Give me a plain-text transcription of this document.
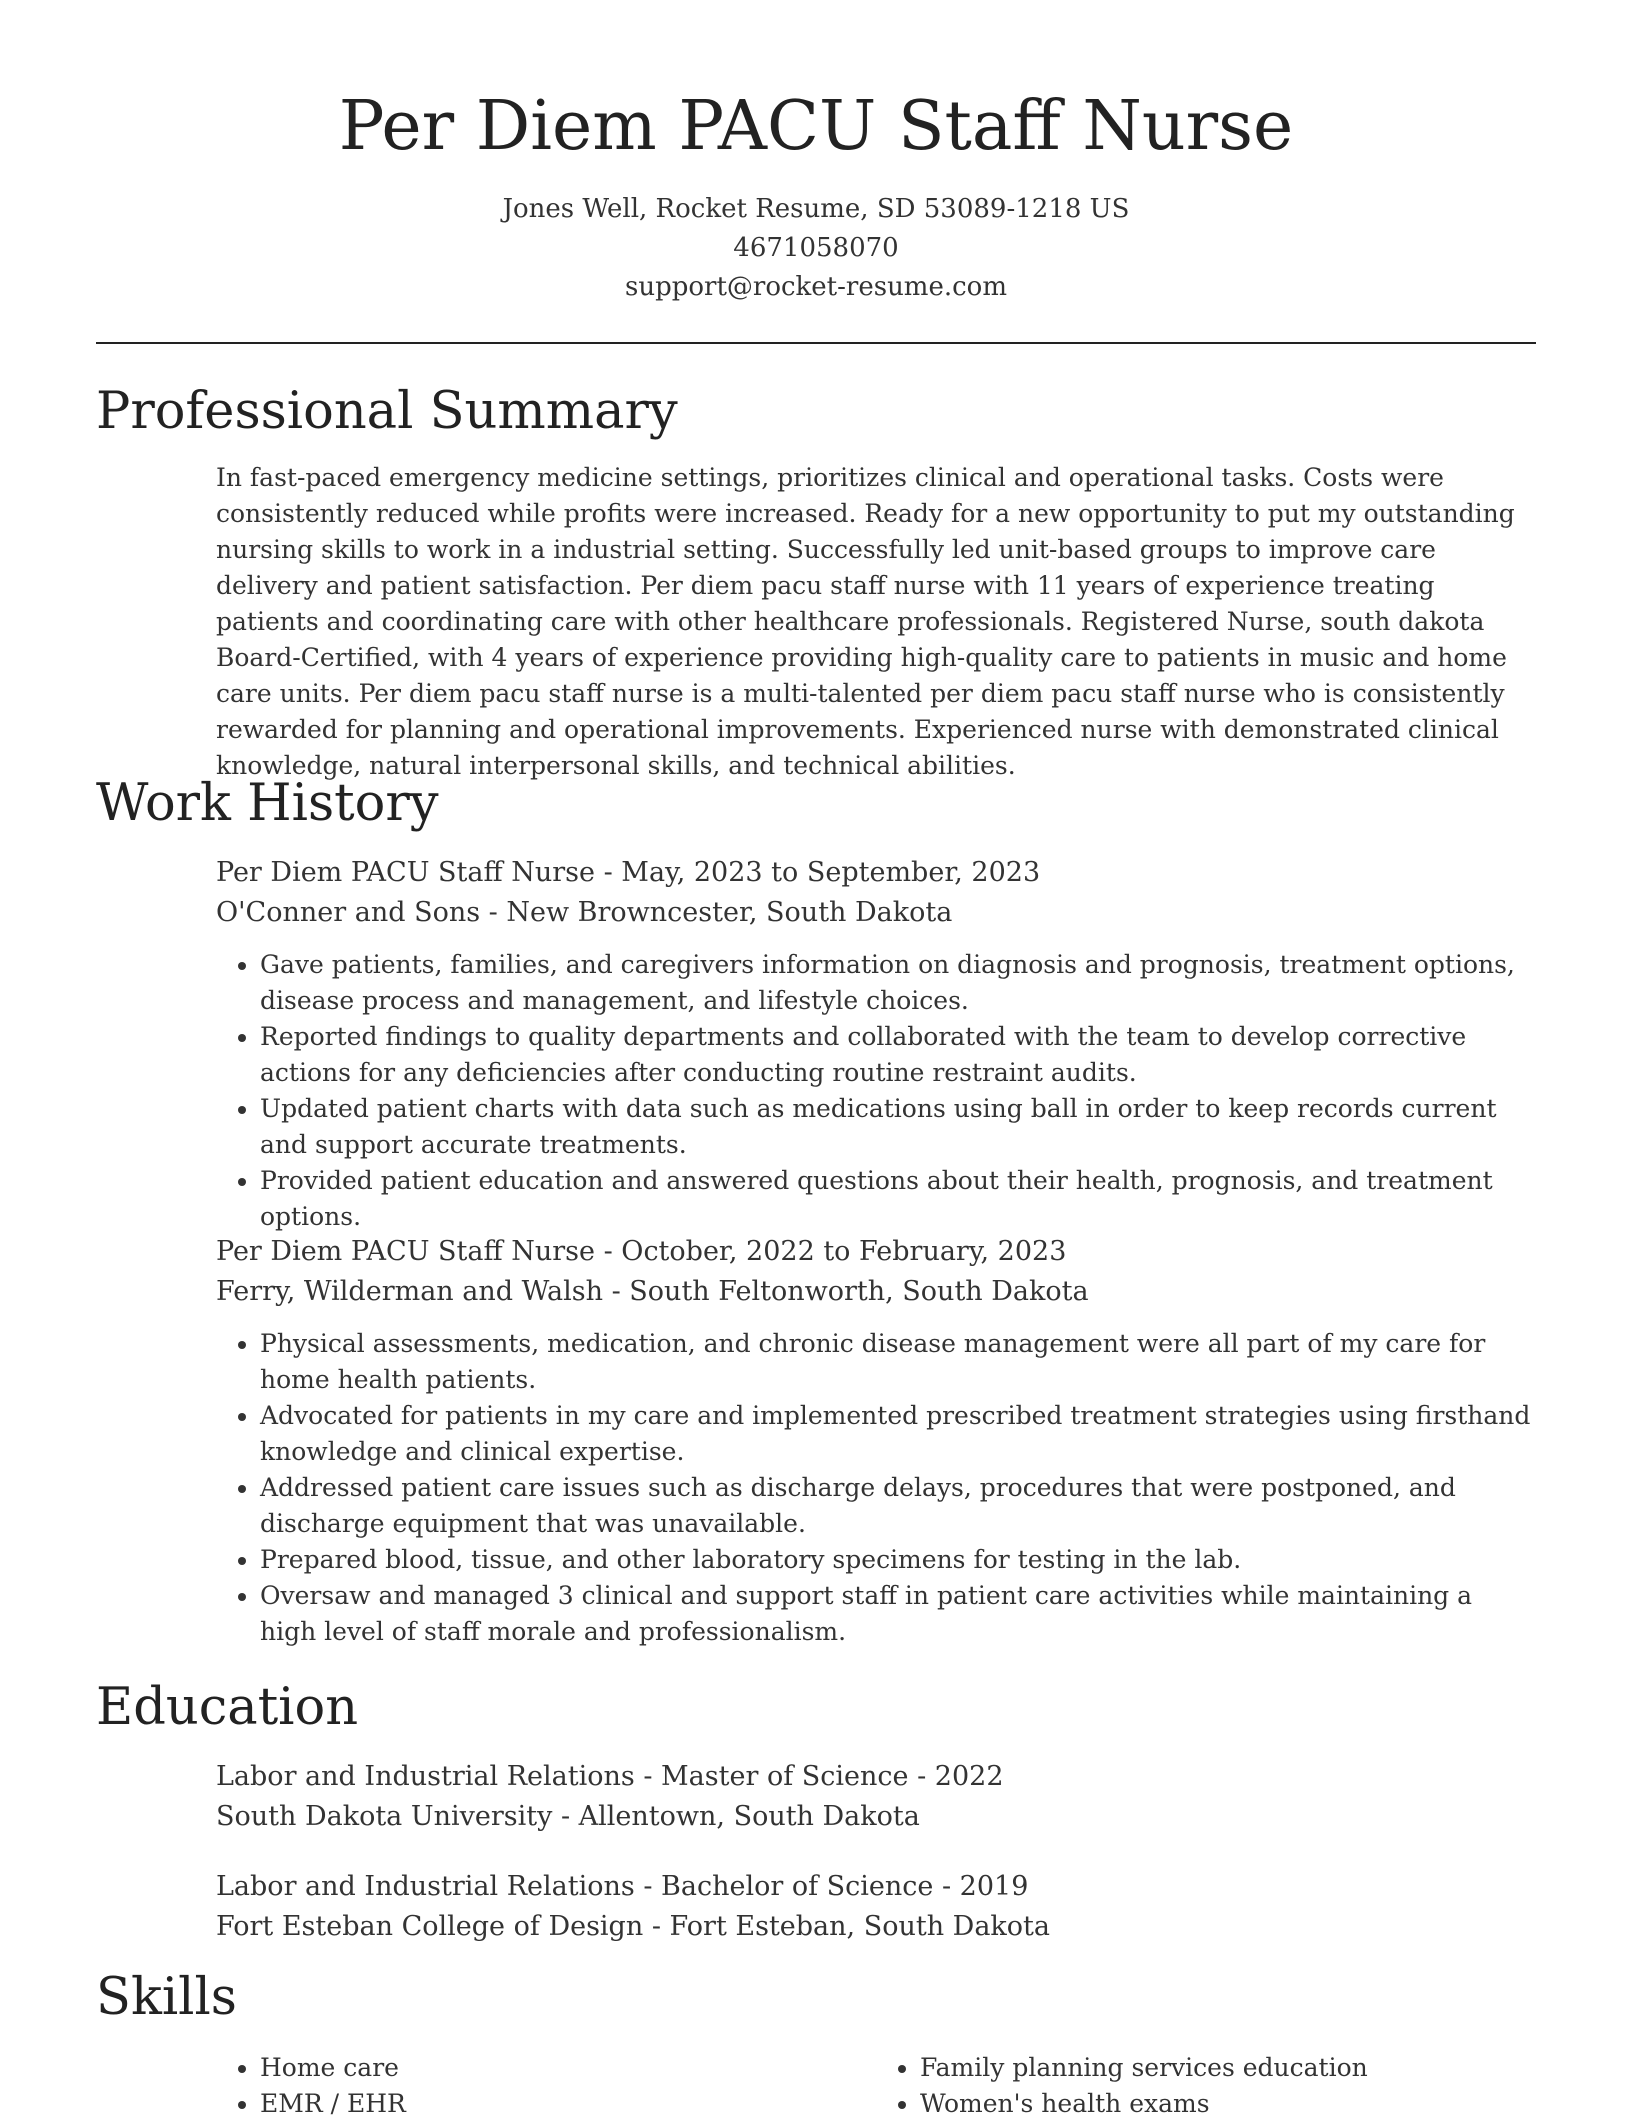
Per Diem PACU Staff Nurse
Jones Well, Rocket Resume, SD 53089-1218 US
4671058070
support@rocket-resume.com
Professional Summary

In fast-paced emergency medicine settings, prioritizes clinical and operational tasks. Costs were consistently reduced while profits were increased. Ready for a new opportunity to put my outstanding nursing skills to work in a industrial setting. Successfully led unit-based groups to improve care delivery and patient satisfaction. Per diem pacu staff nurse with 11 years of experience treating patients and coordinating care with other healthcare professionals. Registered Nurse, south dakota Board-Certified, with 4 years of experience providing high-quality care to patients in music and home care units. Per diem pacu staff nurse is a multi-talented per diem pacu staff nurse who is consistently rewarded for planning and operational improvements. Experienced nurse with demonstrated clinical knowledge, natural interpersonal skills, and technical abilities.

Work History
Per Diem PACU Staff Nurse - May, 2023 to September, 2023
O'Conner and Sons - New Browncester, South Dakota
• Gave patients, families, and caregivers information on diagnosis and prognosis, treatment options, disease process and management, and lifestyle choices.
• Reported findings to quality departments and collaborated with the team to develop corrective actions for any deficiencies after conducting routine restraint audits.
• Updated patient charts with data such as medications using ball in order to keep records current and support accurate treatments.
• Provided patient education and answered questions about their health, prognosis, and treatment options.
Per Diem PACU Staff Nurse - October, 2022 to February, 2023
Ferry, Wilderman and Walsh - South Feltonworth, South Dakota
• Physical assessments, medication, and chronic disease management were all part of my care for home health patients.
• Advocated for patients in my care and implemented prescribed treatment strategies using firsthand knowledge and clinical expertise.
• Addressed patient care issues such as discharge delays, procedures that were postponed, and discharge equipment that was unavailable.
• Prepared blood, tissue, and other laboratory specimens for testing in the lab.
• Oversaw and managed 3 clinical and support staff in patient care activities while maintaining a high level of staff morale and professionalism.
Education
Labor and Industrial Relations - Master of Science - 2022
South Dakota University - Allentown, South Dakota
Labor and Industrial Relations - Bachelor of Science - 2019
Fort Esteban College of Design - Fort Esteban, South Dakota
Skills
• Home care
• EMR / EHR
• Family planning services education
• Women's health exams
